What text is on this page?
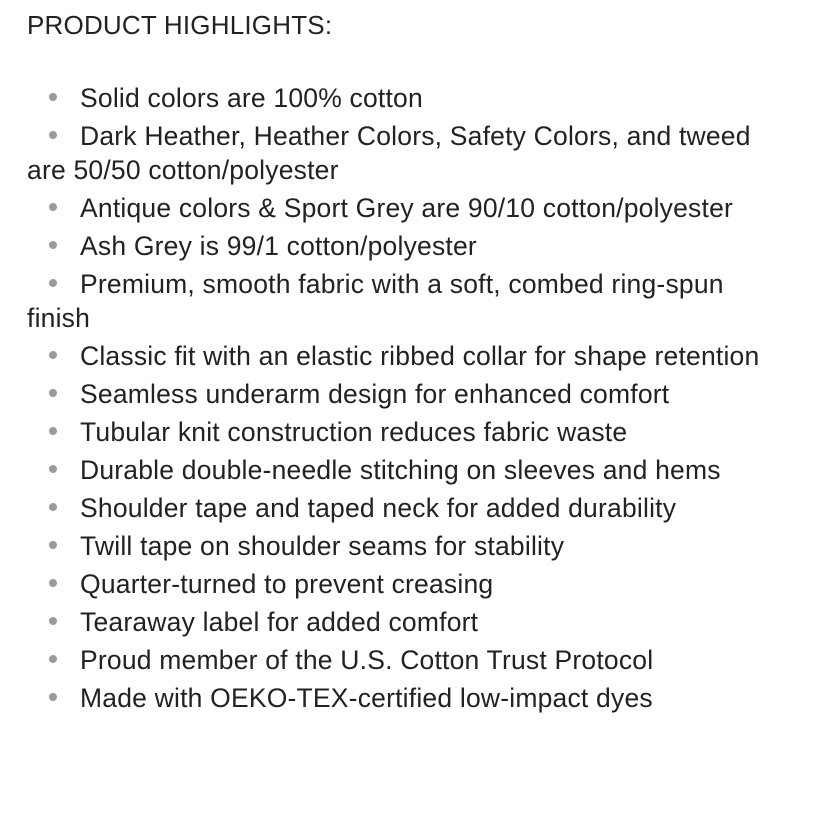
PRODUCT HIGHLIGHTS:
Solid colors are 100% cotton
Dark Heather, Heather Colors, Safety Colors, and tweed are 50/50 cotton/polyester
Antique colors & Sport Grey are 90/10 cotton/polyester
Ash Grey is 99/1 cotton/polyester
Premium, smooth fabric with a soft, combed ring-spun finish
Classic fit with an elastic ribbed collar for shape retention
Seamless underarm design for enhanced comfort
Tubular knit construction reduces fabric waste
Durable double-needle stitching on sleeves and hems
Shoulder tape and taped neck for added durability
Twill tape on shoulder seams for stability
Quarter-turned to prevent creasing
Tearaway label for added comfort
Proud member of the U.S. Cotton Trust Protocol
Made with OEKO-TEX-certified low-impact dyes
